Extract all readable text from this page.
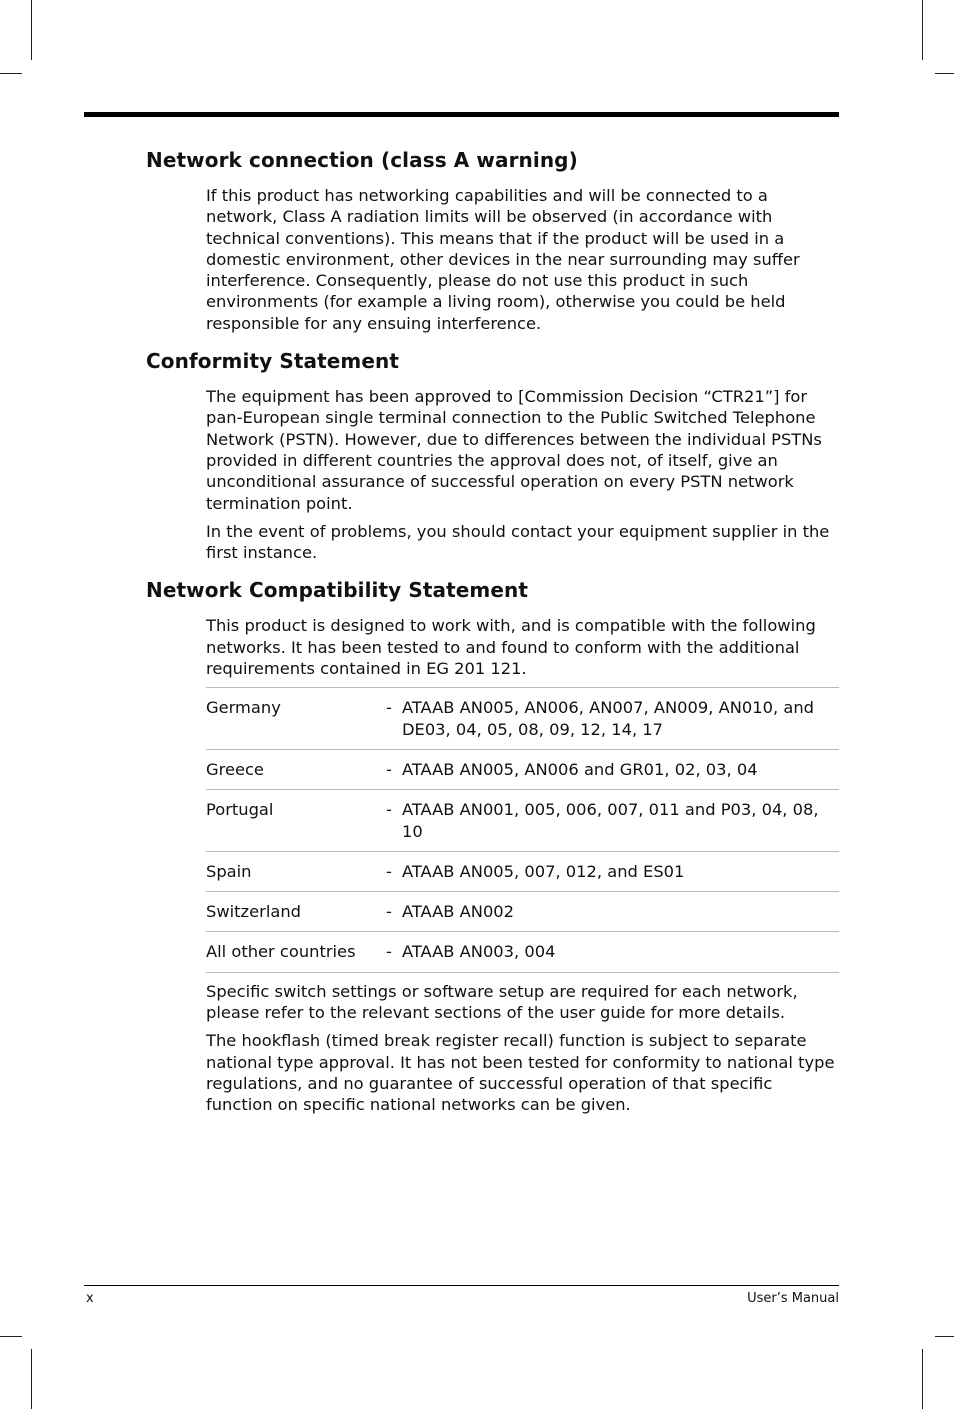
Network connection (class A warning)

If this product has networking capabilities and will be connected to a network, Class A radiation limits will be observed (in accordance with technical conventions). This means that if the product will be used in a domestic environment, other devices in the near surrounding may suffer interference. Consequently, please do not use this product in such environments (for example a living room), otherwise you could be held responsible for any ensuing interference.

Conformity Statement

The equipment has been approved to [Commission Decision “CTR21”] for pan-European single terminal connection to the Public Switched Telephone Network (PSTN). However, due to differences between the individual PSTNs provided in different countries the approval does not, of itself, give an unconditional assurance of successful operation on every PSTN network termination point.

In the event of problems, you should contact your equipment supplier in the first instance.

Network Compatibility Statement

This product is designed to work with, and is compatible with the following networks. It has been tested to and found to conform with the additional requirements contained in EG 201 121.

Germany	-	ATAAB AN005, AN006, AN007, AN009, AN010, and DE03, 04, 05, 08, 09, 12, 14, 17
Greece	-	ATAAB AN005, AN006 and GR01, 02, 03, 04
Portugal	-	ATAAB AN001, 005, 006, 007, 011 and P03, 04, 08, 10
Spain	-	ATAAB AN005, 007, 012, and ES01
Switzerland	-	ATAAB AN002
All other countries	-	ATAAB AN003, 004

Specific switch settings or software setup are required for each network, please refer to the relevant sections of the user guide for more details.

The hookflash (timed break register recall) function is subject to separate national type approval. It has not been tested for conformity to national type regulations, and no guarantee of successful operation of that specific function on specific national networks can be given.

x	User’s Manual
